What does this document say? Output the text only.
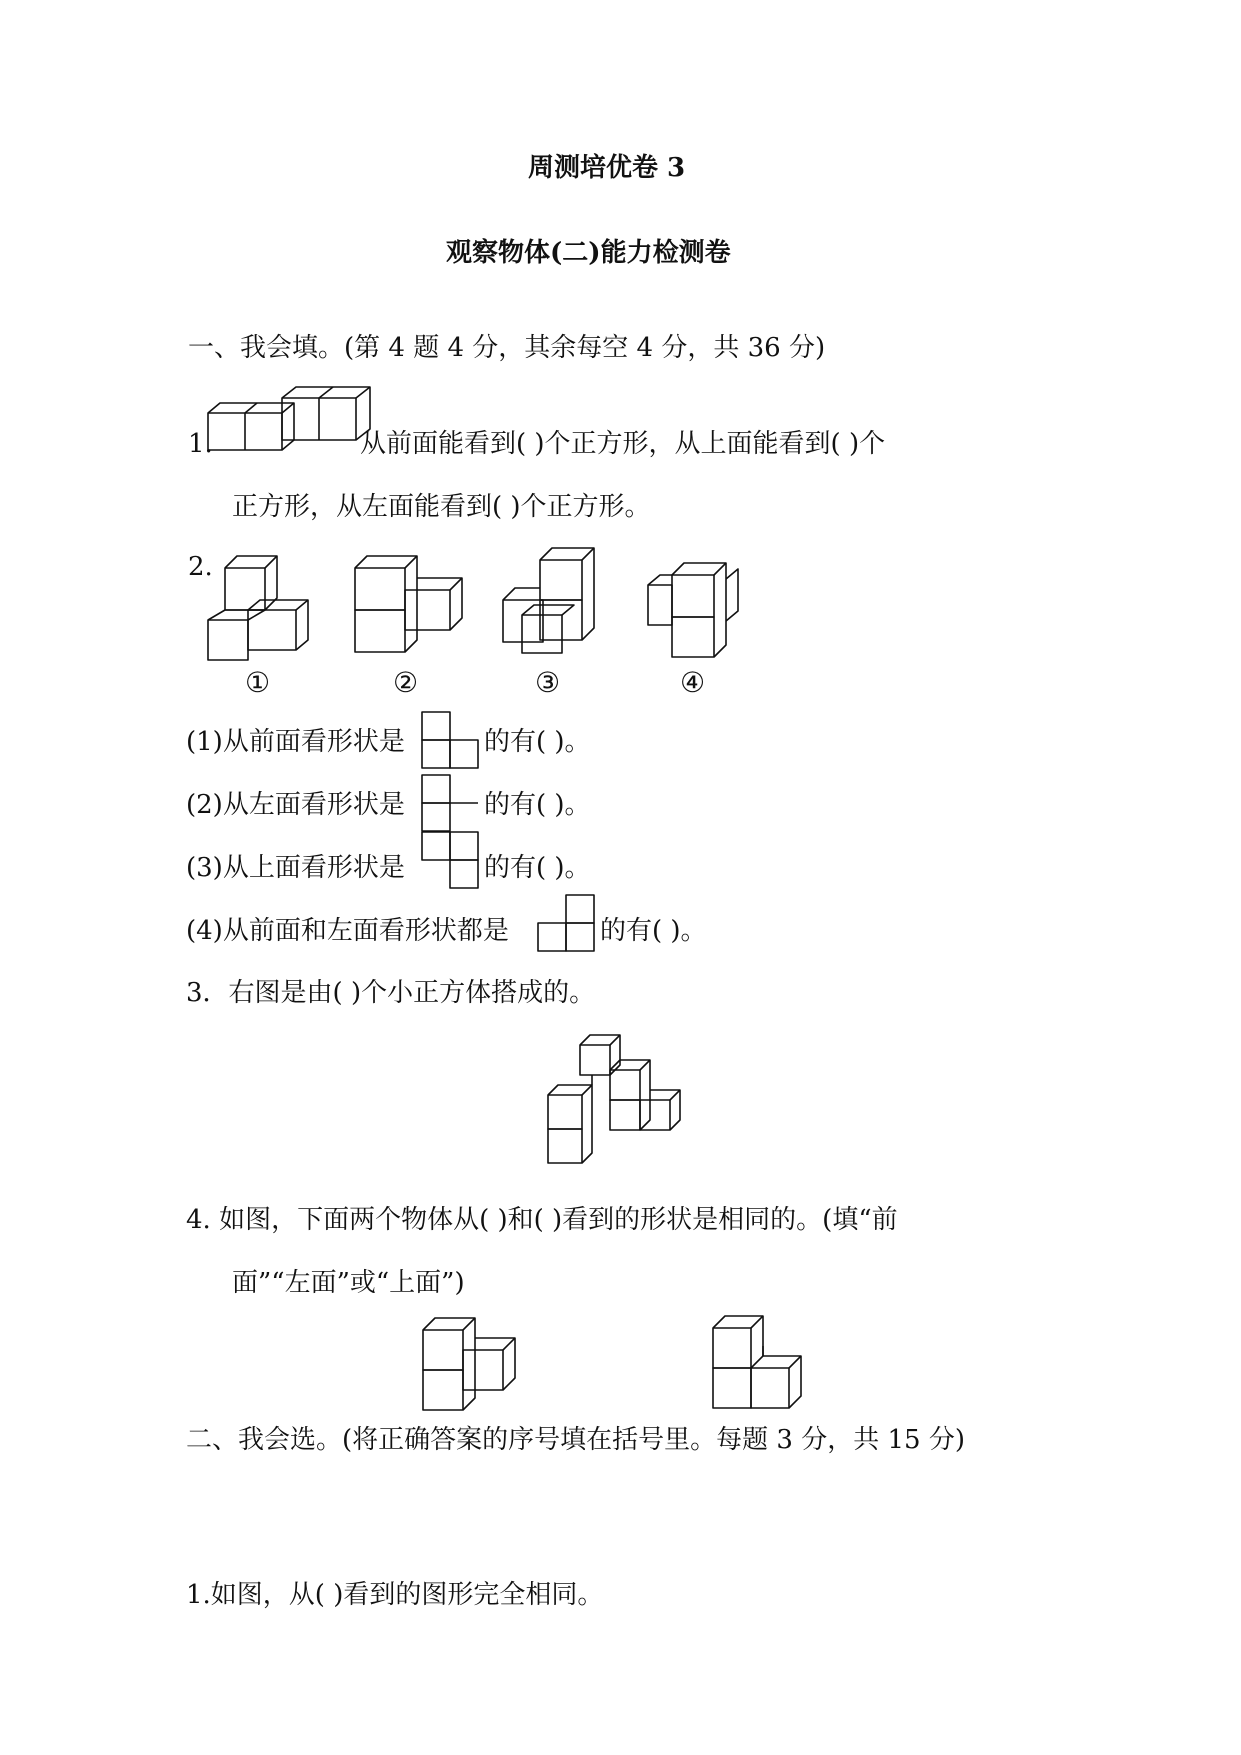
周测培优卷 3
观察物体(二)能力检测卷
一、我会填。(第 4 题 4 分，其余每空 4 分，共 36 分)
1.	从前面能看到( )个正方形，从上面能看到( )个
正方形，从左面能看到( )个正方形。
2.
①	②	③	④
(1)从前面看形状是	的有( )。
(2)从左面看形状是	的有( )。
(3)从上面看形状是	的有( )。
(4)从前面和左面看形状都是	的有( )。
3．右图是由( )个小正方体搭成的。
4. 如图，下面两个物体从( )和( )看到的形状是相同的。(填“前
面”“左面”或“上面”)
二、我会选。(将正确答案的序号填在括号里。每题 3 分，共 15 分)
1.如图，从( )看到的图形完全相同。
